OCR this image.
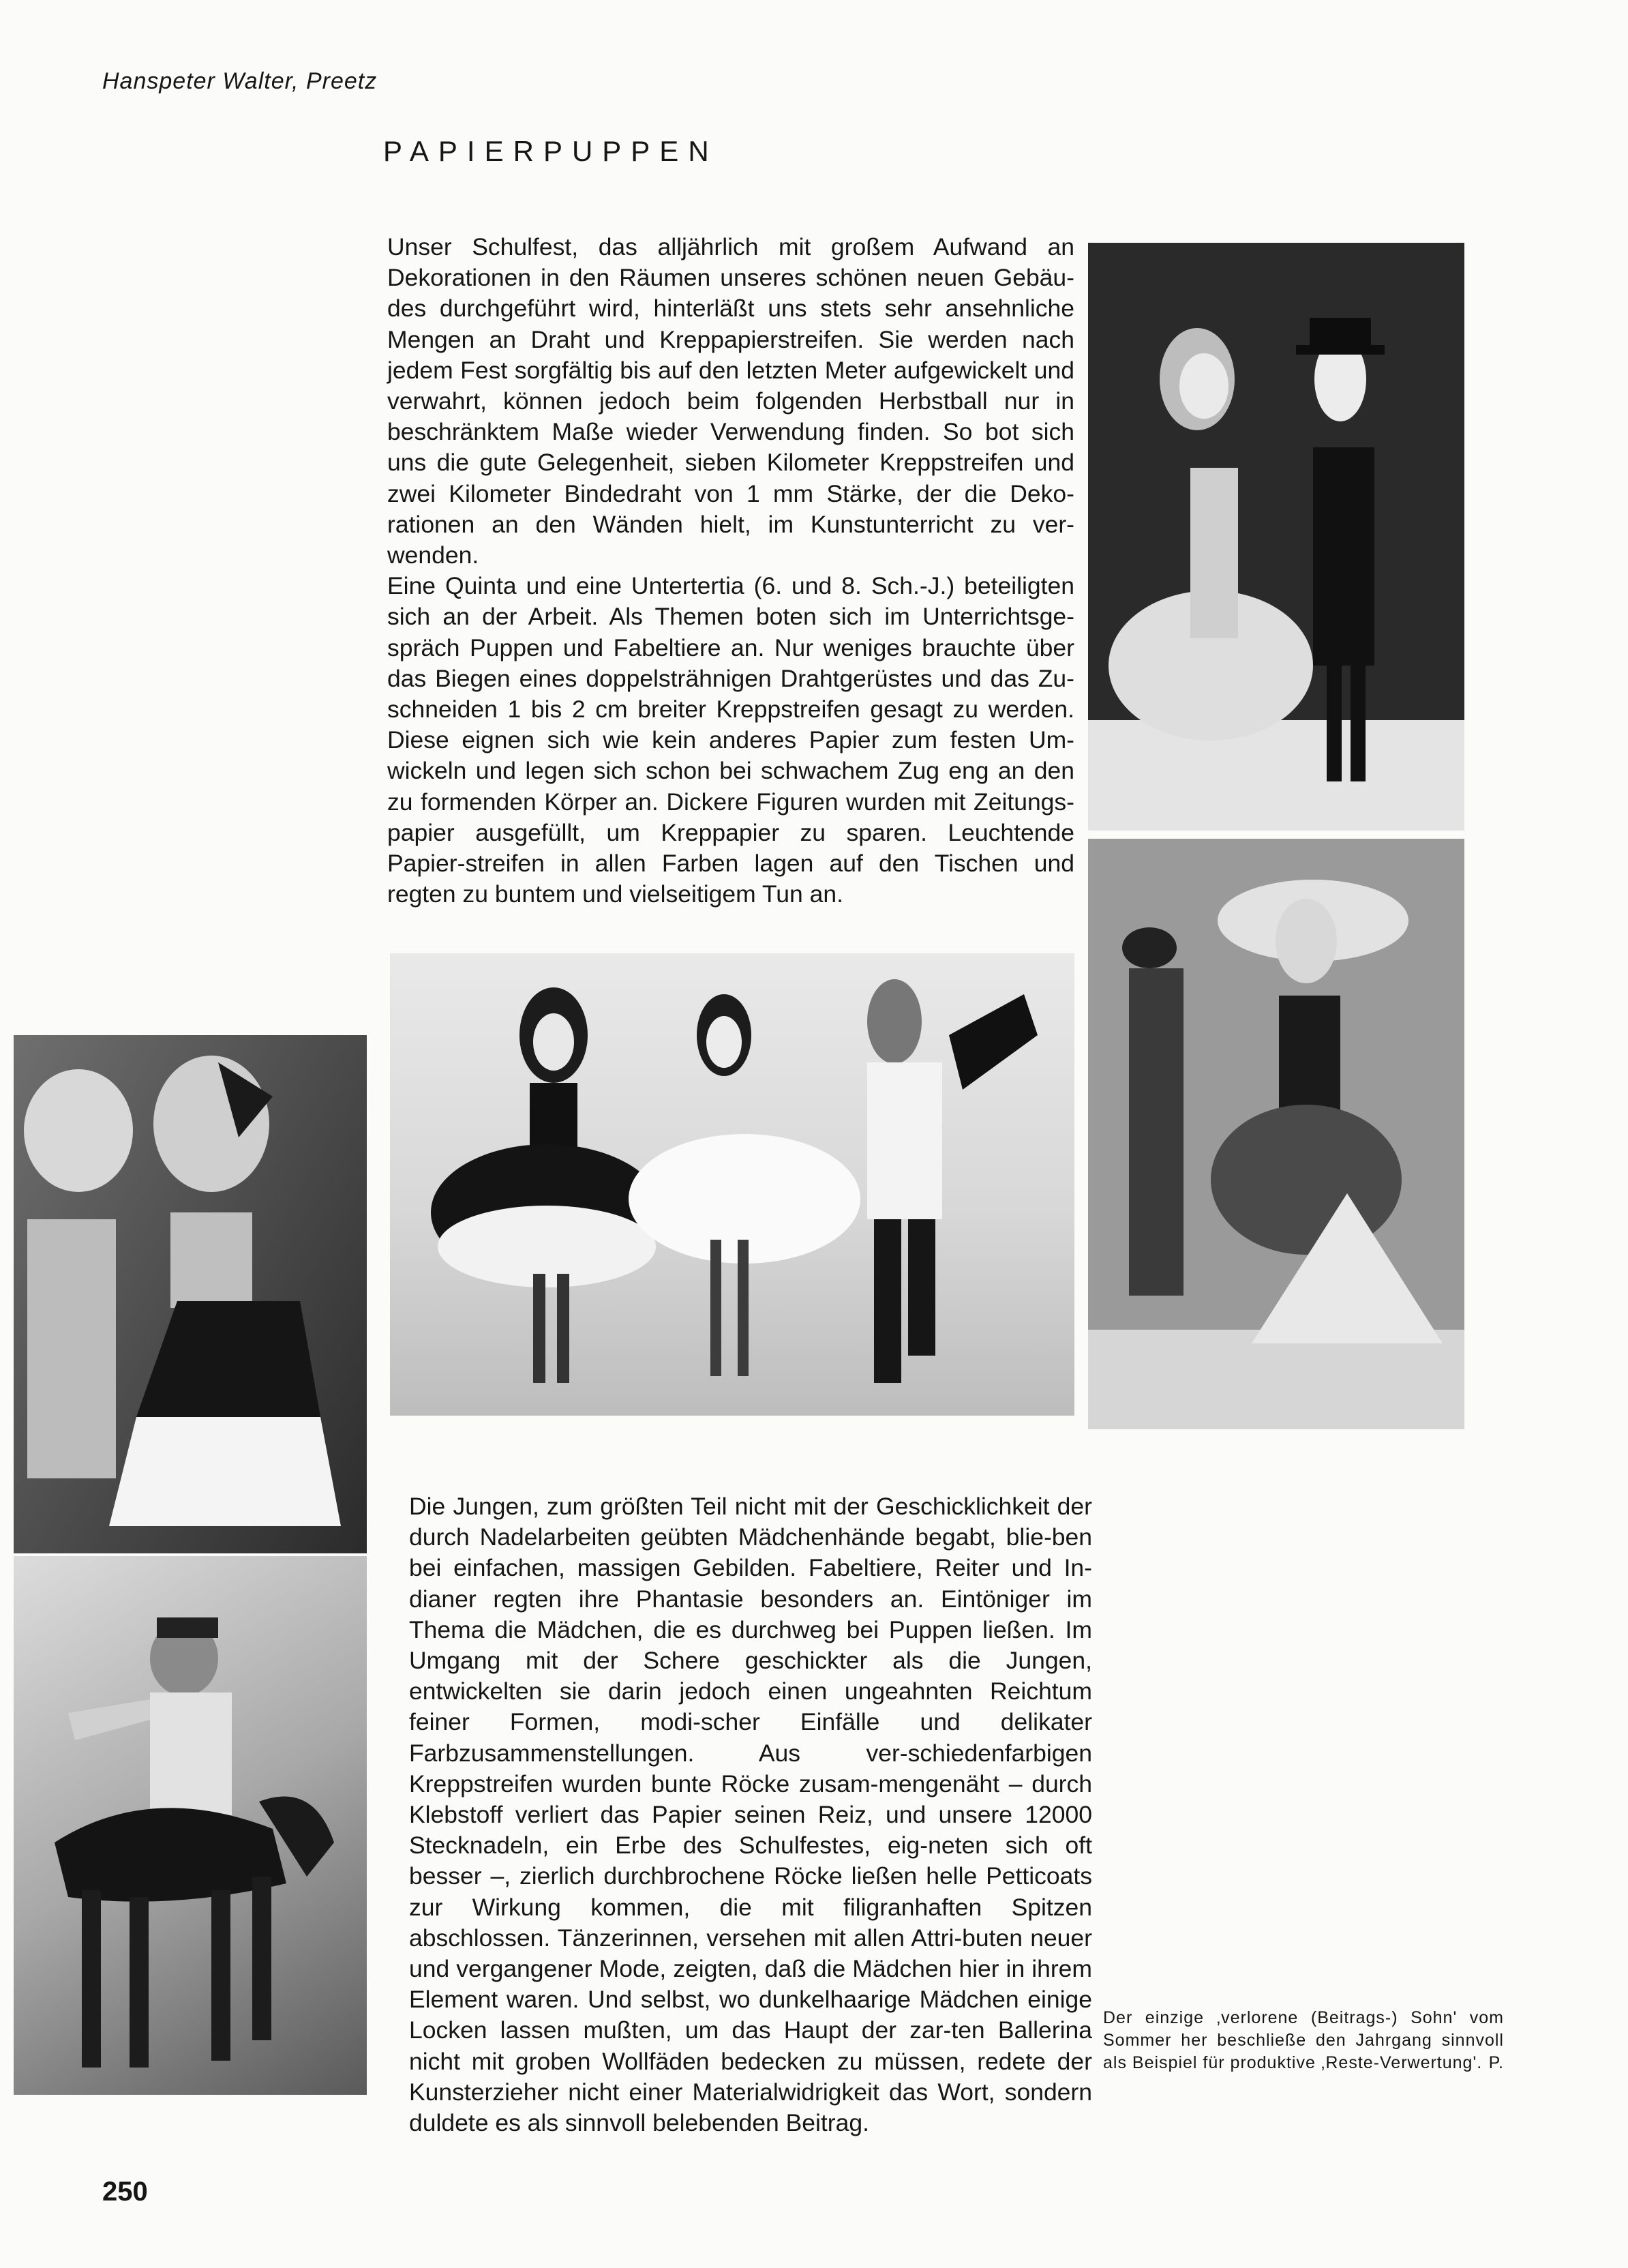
Hanspeter Walter, Preetz
PAPIERPUPPEN

Unser Schulfest, das alljährlich mit großem Aufwand an Dekorationen in den Räumen unseres schönen neuen Gebäu-des durchgeführt wird, hinterläßt uns stets sehr ansehnliche Mengen an Draht und Kreppapierstreifen. Sie werden nach jedem Fest sorgfältig bis auf den letzten Meter aufgewickelt und verwahrt, können jedoch beim folgenden Herbstball nur in beschränktem Maße wieder Verwendung finden. So bot sich uns die gute Gelegenheit, sieben Kilometer Kreppstreifen und zwei Kilometer Bindedraht von 1 mm Stärke, der die Deko-rationen an den Wänden hielt, im Kunstunterricht zu ver-wenden.

Eine Quinta und eine Untertertia (6. und 8. Sch.-J.) beteiligten sich an der Arbeit. Als Themen boten sich im Unterrichtsge-spräch Puppen und Fabeltiere an. Nur weniges brauchte über das Biegen eines doppelsträhnigen Drahtgerüstes und das Zu-schneiden 1 bis 2 cm breiter Kreppstreifen gesagt zu werden. Diese eignen sich wie kein anderes Papier zum festen Um-wickeln und legen sich schon bei schwachem Zug eng an den zu formenden Körper an. Dickere Figuren wurden mit Zeitungs-papier ausgefüllt, um Kreppapier zu sparen. Leuchtende Papier-streifen in allen Farben lagen auf den Tischen und regten zu buntem und vielseitigem Tun an.

Die Jungen, zum größten Teil nicht mit der Geschicklichkeit der durch Nadelarbeiten geübten Mädchenhände begabt, blie-ben bei einfachen, massigen Gebilden. Fabeltiere, Reiter und In-dianer regten ihre Phantasie besonders an. Eintöniger im Thema die Mädchen, die es durchweg bei Puppen ließen. Im Umgang mit der Schere geschickter als die Jungen, entwickelten sie darin jedoch einen ungeahnten Reichtum feiner Formen, modi-scher Einfälle und delikater Farbzusammenstellungen. Aus ver-schiedenfarbigen Kreppstreifen wurden bunte Röcke zusam-mengenäht – durch Klebstoff verliert das Papier seinen Reiz, und unsere 12000 Stecknadeln, ein Erbe des Schulfestes, eig-neten sich oft besser –, zierlich durchbrochene Röcke ließen helle Petticoats zur Wirkung kommen, die mit filigranhaften Spitzen abschlossen. Tänzerinnen, versehen mit allen Attri-buten neuer und vergangener Mode, zeigten, daß die Mädchen hier in ihrem Element waren. Und selbst, wo dunkelhaarige Mädchen einige Locken lassen mußten, um das Haupt der zar-ten Ballerina nicht mit groben Wollfäden bedecken zu müssen, redete der Kunsterzieher nicht einer Materialwidrigkeit das Wort, sondern duldete es als sinnvoll belebenden Beitrag.

Der einzige ‚verlorene (Beitrags-) Sohn' vom Sommer her beschließe den Jahrgang sinnvoll als Beispiel für produktive ‚Reste-Verwertung'. P.
250
